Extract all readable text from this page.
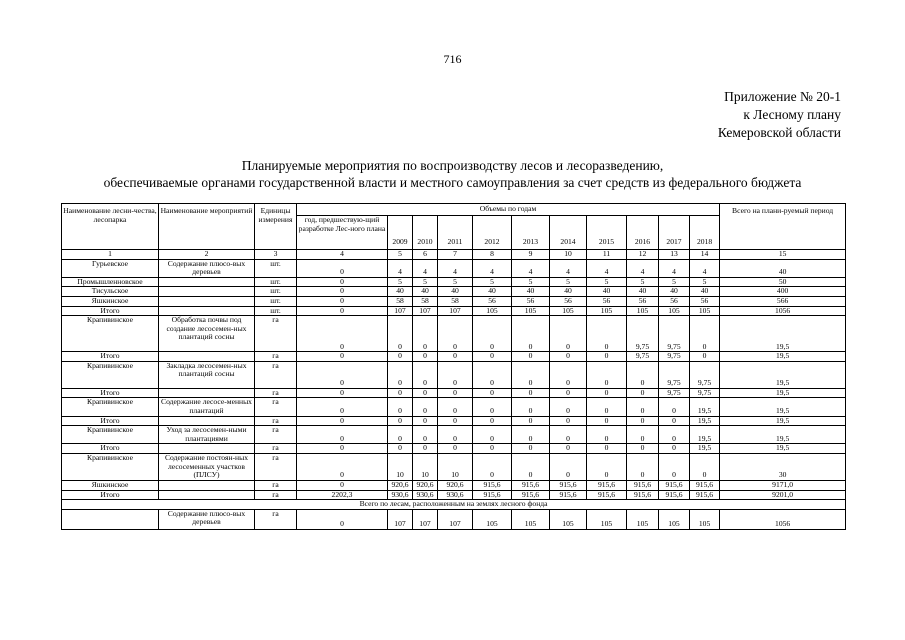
716
Приложение № 20-1
к Лесному плану
Кемеровской области
Планируемые мероприятия по воспроизводству лесов и лесоразведению,
обеспечиваемые органами государственной власти и местного самоуправления за счет средств из федерального бюджета
Наименование лесни-чества, лесопарка	Наименование мероприятий	Единицы измерения	Объемы по годам											Всего на плани-руемый период
			год, предшествую-щий разработке Лес-ного плана	2009	2010	2011	2012	2013	2014	2015	2016	2017	2018	
1	2	3	4	5	6	7	8	9	10	11	12	13	14	15
Гурьевское	Содержание плюсо-вых деревьев	шт.	0	4	4	4	4	4	4	4	4	4	4	40
Промышленновское		шт.	0	5	5	5	5	5	5	5	5	5	5	50
Тисульское		шт.	0	40	40	40	40	40	40	40	40	40	40	400
Яшкинское		шт.	0	58	58	58	56	56	56	56	56	56	56	566
Итого		шт.	0	107	107	107	105	105	105	105	105	105	105	1056
Крапивинское	Обработка почвы под создание лесосемен-ных плантаций сосны	га	0	0	0	0	0	0	0	0	9,75	9,75	0	19,5
Итого		га	0	0	0	0	0	0	0	0	9,75	9,75	0	19,5
Крапивинское	Закладка лесосемен-ных плантаций сосны	га	0	0	0	0	0	0	0	0	0	9,75	9,75	19,5
Итого		га	0	0	0	0	0	0	0	0	0	9,75	9,75	19,5
Крапивинское	Содержание лесосе-менных плантаций	га	0	0	0	0	0	0	0	0	0	0	19,5	19,5
Итого		га	0	0	0	0	0	0	0	0	0	0	19,5	19,5
Крапивинское	Уход за лесосемен-ными плантациями	га	0	0	0	0	0	0	0	0	0	0	19,5	19,5
Итого		га	0	0	0	0	0	0	0	0	0	0	19,5	19,5
Крапивинское	Содержание постоян-ных лесосеменных участков (ПЛСУ)	га	0	10	10	10	0	0	0	0	0	0	0	30
Яшкинское		га	0	920,6	920,6	920,6	915,6	915,6	915,6	915,6	915,6	915,6	915,6	9171,0
Итого		га	2202,3	930,6	930,6	930,6	915,6	915,6	915,6	915,6	915,6	915,6	915,6	9201,0
Всего по лесам, расположенным на землях лесного фонда														
	Содержание плюсо-вых деревьев	га	0	107	107	107	105	105	105	105	105	105	105	1056
